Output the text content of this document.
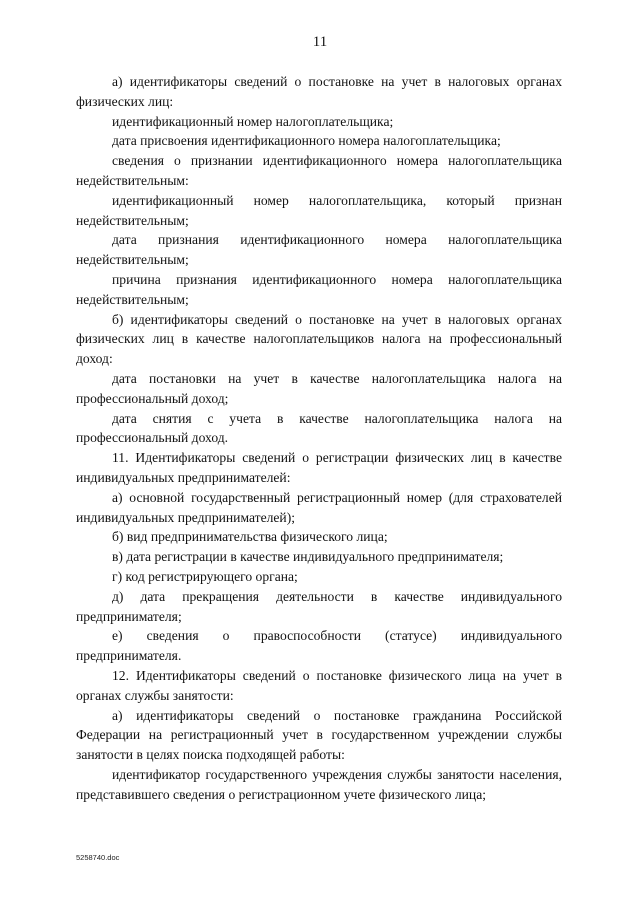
11

а) идентификаторы сведений о постановке на учет в налоговых органах физических лиц:

идентификационный номер налогоплательщика;

дата присвоения идентификационного номера налогоплательщика;

сведения о признании идентификационного номера налогоплательщика недействительным:

идентификационный номер налогоплательщика, который признан недействительным;

дата признания идентификационного номера налогоплательщика недействительным;

причина признания идентификационного номера налогоплательщика недействительным;

б) идентификаторы сведений о постановке на учет в налоговых органах физических лиц в качестве налогоплательщиков налога на профессиональный доход:

дата постановки на учет в качестве налогоплательщика налога на профессиональный доход;

дата снятия с учета в качестве налогоплательщика налога на профессиональный доход.

11. Идентификаторы сведений о регистрации физических лиц в качестве индивидуальных предпринимателей:

а) основной государственный регистрационный номер (для страхователей индивидуальных предпринимателей);

б) вид предпринимательства физического лица;

в) дата регистрации в качестве индивидуального предпринимателя;

г) код регистрирующего органа;

д) дата прекращения деятельности в качестве индивидуального предпринимателя;

е) сведения о правоспособности (статусе) индивидуального предпринимателя.

12. Идентификаторы сведений о постановке физического лица на учет в органах службы занятости:

а) идентификаторы сведений о постановке гражданина Российской Федерации на регистрационный учет в государственном учреждении службы занятости в целях поиска подходящей работы:

идентификатор государственного учреждения службы занятости населения, представившего сведения о регистрационном учете физического лица;

5258740.doc
